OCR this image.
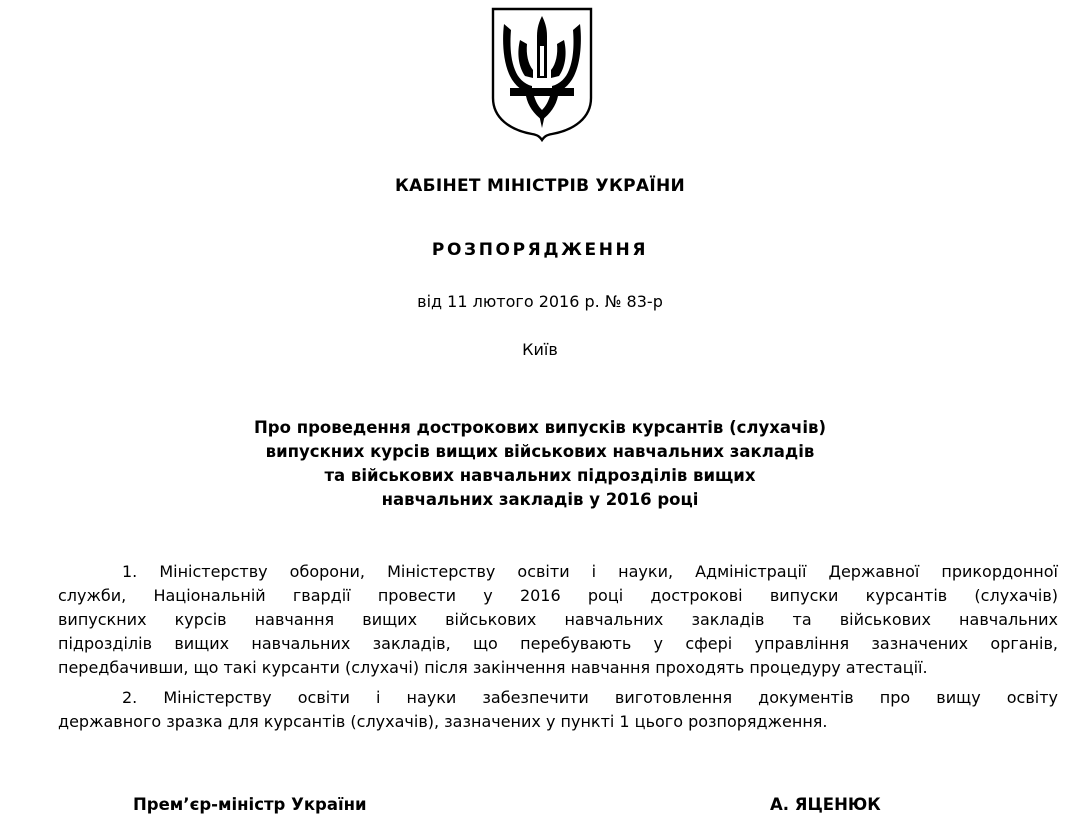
КАБІНЕТ МІНІСТРІВ УКРАЇНИ
РОЗПОРЯДЖЕННЯ
від 11 лютого 2016 р. № 83-р
Київ
Про проведення дострокових випусків курсантів (слухачів)
випускних курсів вищих військових навчальних закладів
та військових навчальних підрозділів вищих
навчальних закладів у 2016 році
1. Міністерству оборони, Міністерству освіти і науки, Адміністрації Державної прикордонної
служби, Національній гвардії провести у 2016 році дострокові випуски курсантів (слухачів)
випускних курсів навчання вищих військових навчальних закладів та військових навчальних
підрозділів вищих навчальних закладів, що перебувають у сфері управління зазначених органів,
передбачивши, що такі курсанти (слухачі) після закінчення навчання проходять процедуру атестації.
2. Міністерству освіти і науки забезпечити виготовлення документів про вищу освіту
державного зразка для курсантів (слухачів), зазначених у пункті 1 цього розпорядження.
Прем’єр-міністр України	А. ЯЦЕНЮК
